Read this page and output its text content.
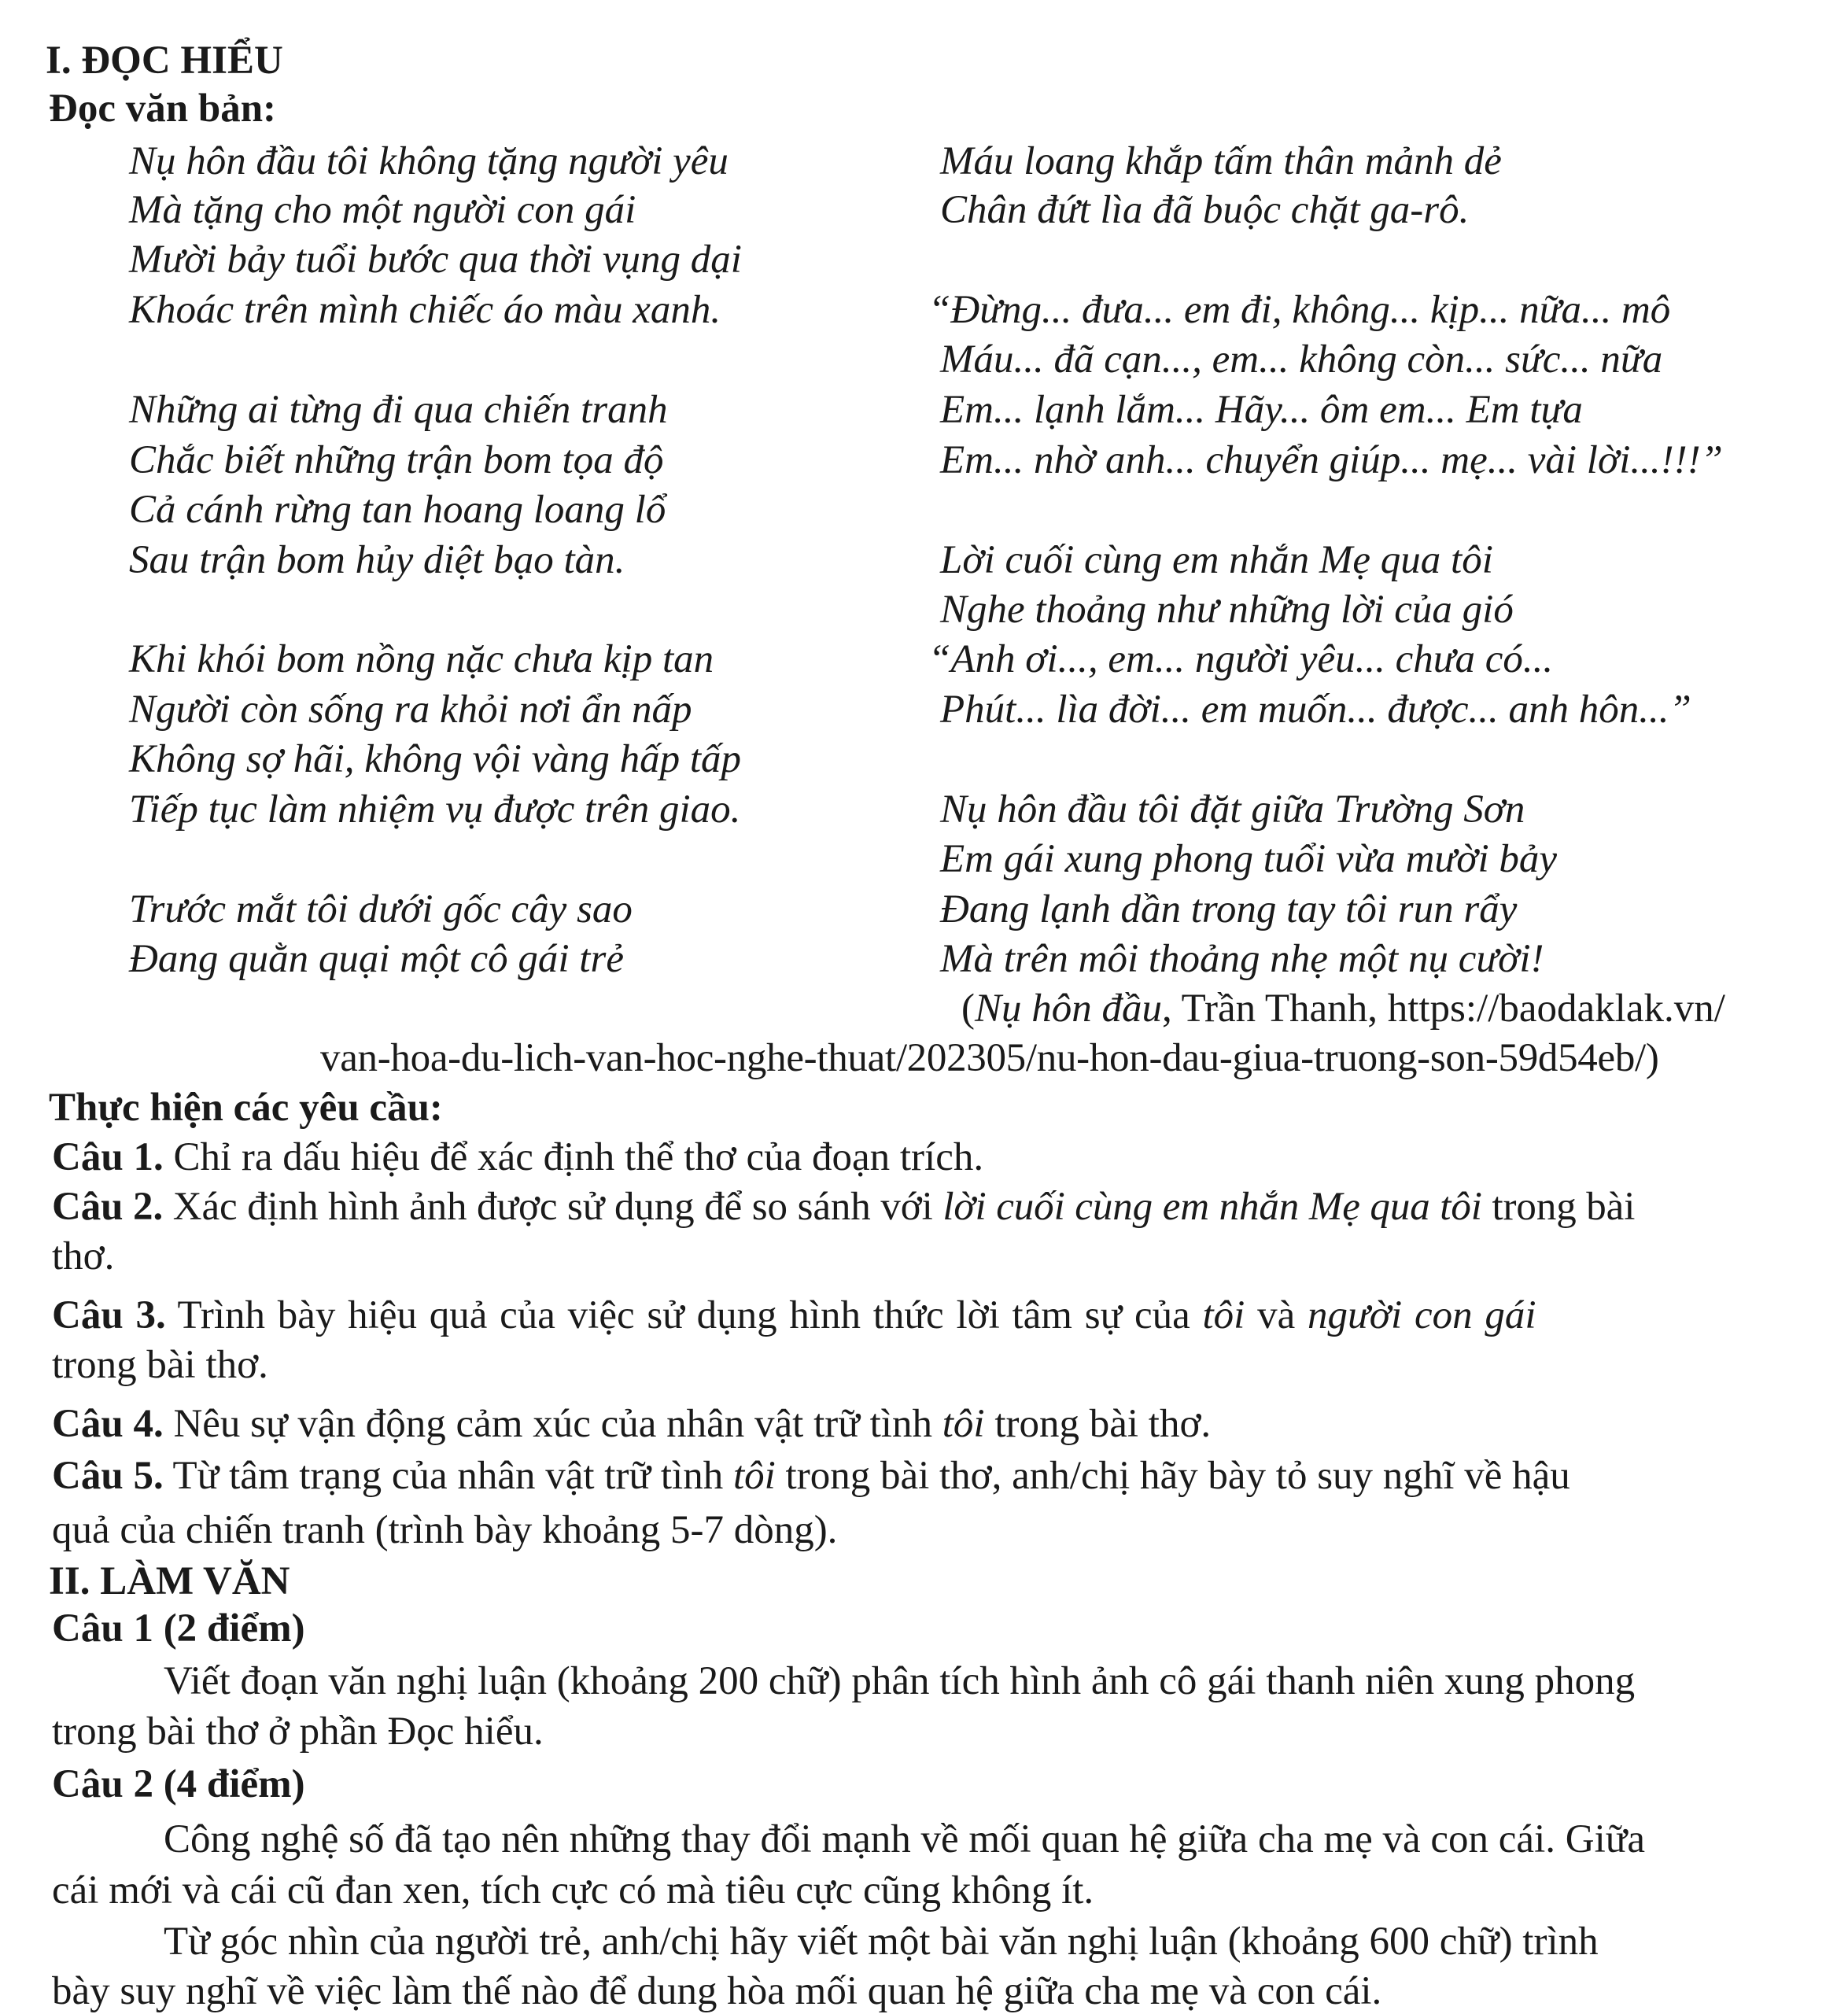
I. ĐỌC HIỂU
Đọc văn bản:
Nụ hôn đầu tôi không tặng người yêu
Mà tặng cho một người con gái
Mười bảy tuổi bước qua thời vụng dại
Khoác trên mình chiếc áo màu xanh.
Những ai từng đi qua chiến tranh
Chắc biết những trận bom tọa độ
Cả cánh rừng tan hoang loang lổ
Sau trận bom hủy diệt bạo tàn.
Khi khói bom nồng nặc chưa kịp tan
Người còn sống ra khỏi nơi ẩn nấp
Không sợ hãi, không vội vàng hấp tấp
Tiếp tục làm nhiệm vụ được trên giao.
Trước mắt tôi dưới gốc cây sao
Đang quằn quại một cô gái trẻ
Máu loang khắp tấm thân mảnh dẻ
Chân đứt lìa đã buộc chặt ga-rô.
“Đừng... đưa... em đi, không... kịp... nữa... mô
Máu... đã cạn..., em... không còn... sức... nữa
Em... lạnh lắm... Hãy... ôm em... Em tựa
Em... nhờ anh... chuyển giúp... mẹ... vài lời...!!!”
Lời cuối cùng em nhắn Mẹ qua tôi
Nghe thoảng như những lời của gió
“Anh ơi..., em... người yêu... chưa có...
Phút... lìa đời... em muốn... được... anh hôn...”
Nụ hôn đầu tôi đặt giữa Trường Sơn
Em gái xung phong tuổi vừa mười bảy
Đang lạnh dần trong tay tôi run rẩy
Mà trên môi thoảng nhẹ một nụ cười!
(Nụ hôn đầu, Trần Thanh, https://baodaklak.vn/
van-hoa-du-lich-van-hoc-nghe-thuat/202305/nu-hon-dau-giua-truong-son-59d54eb/)
Thực hiện các yêu cầu:
Câu 1. Chỉ ra dấu hiệu để xác định thể thơ của đoạn trích.
Câu 2. Xác định hình ảnh được sử dụng để so sánh với lời cuối cùng em nhắn Mẹ qua tôi trong bài
thơ.
Câu 3. Trình bày hiệu quả của việc sử dụng hình thức lời tâm sự của tôi và người con gái
trong bài thơ.
Câu 4. Nêu sự vận động cảm xúc của nhân vật trữ tình tôi trong bài thơ.
Câu 5. Từ tâm trạng của nhân vật trữ tình tôi trong bài thơ, anh/chị hãy bày tỏ suy nghĩ về hậu
quả của chiến tranh (trình bày khoảng 5-7 dòng).
II. LÀM VĂN
Câu 1 (2 điểm)
Viết đoạn văn nghị luận (khoảng 200 chữ) phân tích hình ảnh cô gái thanh niên xung phong
trong bài thơ ở phần Đọc hiểu.
Câu 2 (4 điểm)
Công nghệ số đã tạo nên những thay đổi mạnh về mối quan hệ giữa cha mẹ và con cái. Giữa
cái mới và cái cũ đan xen, tích cực có mà tiêu cực cũng không ít.
Từ góc nhìn của người trẻ, anh/chị hãy viết một bài văn nghị luận (khoảng 600 chữ) trình
bày suy nghĩ về việc làm thế nào để dung hòa mối quan hệ giữa cha mẹ và con cái.
